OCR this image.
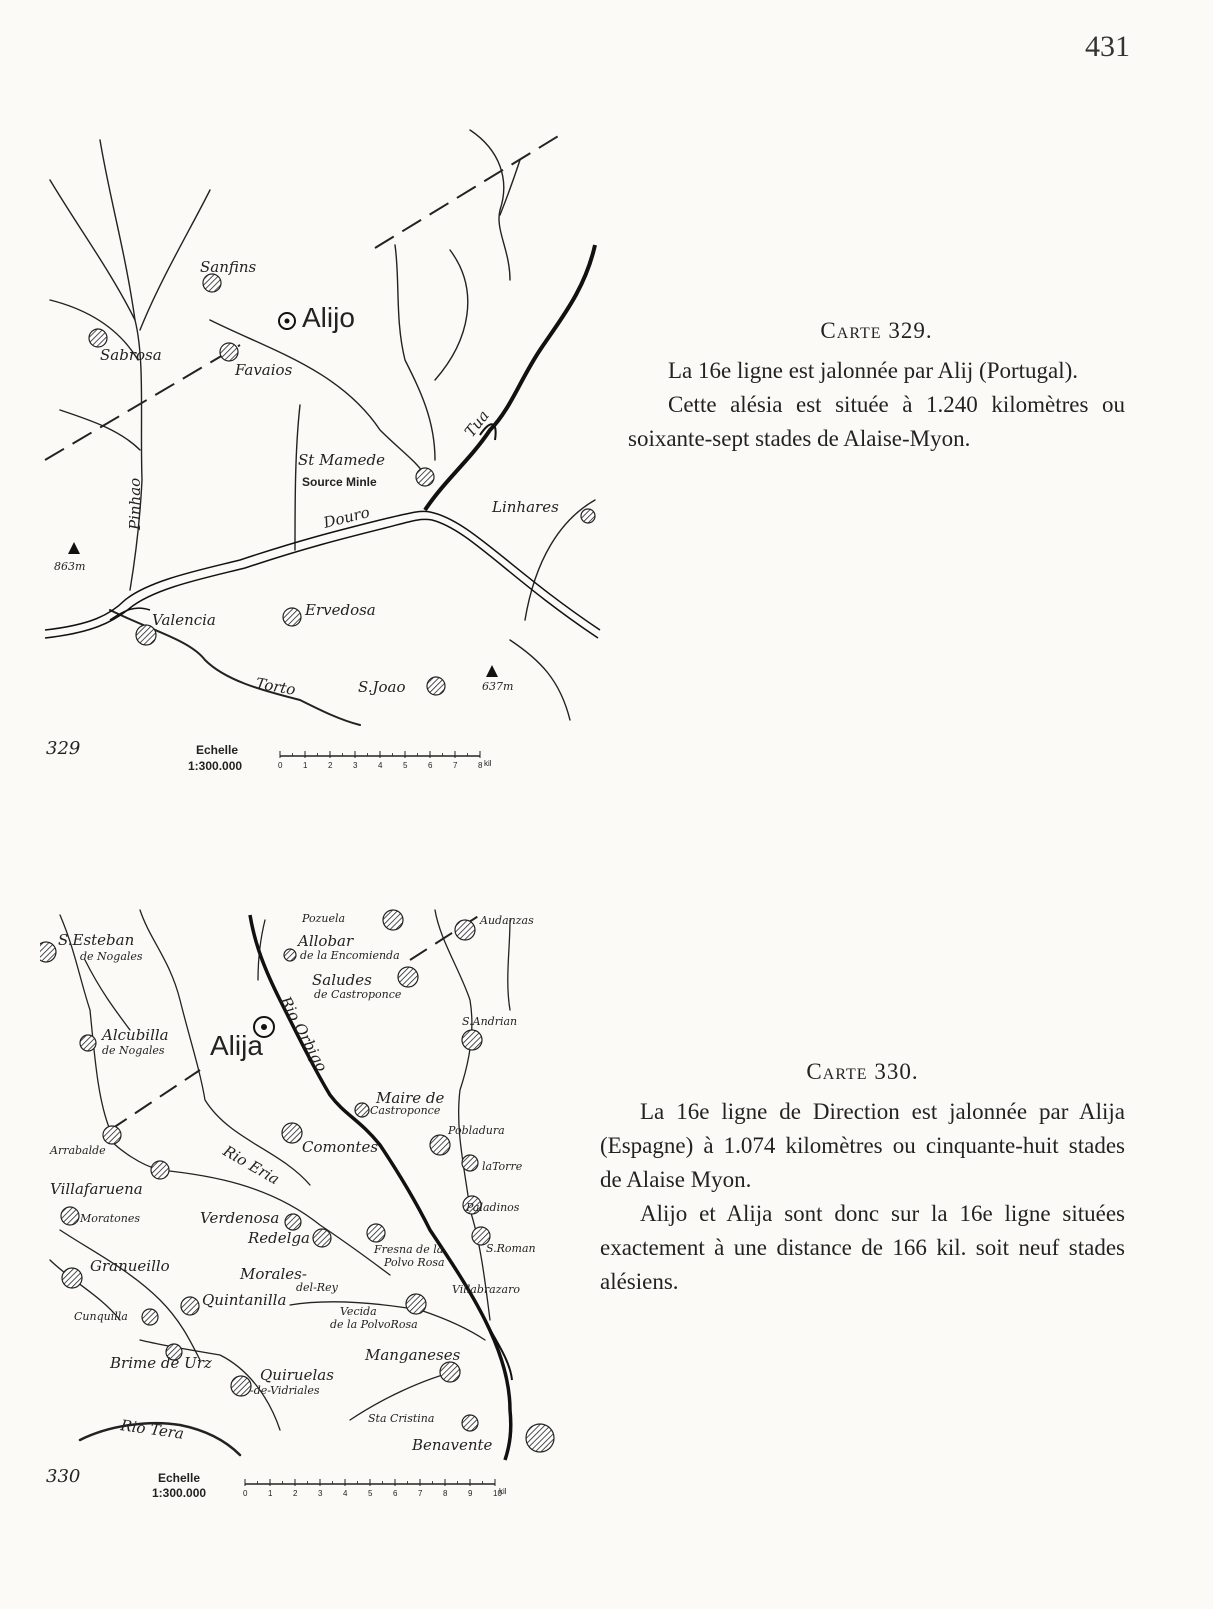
431
Sanfins
Alijo
Sabrosa
Favaios
St Mamede
Source Minle
Linhares
Valencia
Ervedosa
S.Joao
Pinhao	Douro
Tua
Torto
863m
637m
329	Echelle
1:300.000	0	1	2	3	4	5	6	7	8 kil
S.Esteban
de Nogales
Pozuela	Audanzas
Allobar
de la Encomienda
Saludes
de Castroponce
S.Andrian
Alcubilla
de Nogales Alija
Maire de
Castroponce
Pobladura
Arrabalde	Comontes
laTorre
Villafaruena
Paladinos
Moratones	Verdenosa
Redelga
Fresna de la
Polvo Rosa
S.Roman
Granueillo	Morales-
del-Rey	Villabrazaro
Cunquilla
Quintanilla
Vecida
de la PolvoRosa
Manganeses
Brime de Urz
Quiruelas
-de-Vidriales
Sta Cristina
Benavente
Rio Orbigo
Rio Eria
Rio Tera
330	Echelle
1:300.000	0	1	2	3	4	5	6	7	8	9	10
kil
Carte 329.

La 16e ligne est jalonnée par Alij (Portugal).

Cette alésia est située à 1.240 kilomètres ou soixante-sept stades de Alaise-Myon.

Carte 330.

La 16e ligne de Direction est jalonnée par Alija (Espagne) à 1.074 kilomètres ou cinquante-huit stades de Alaise Myon.

Alijo et Alija sont donc sur la 16e ligne situées exactement à une distance de 166 kil. soit neuf stades alésiens.
